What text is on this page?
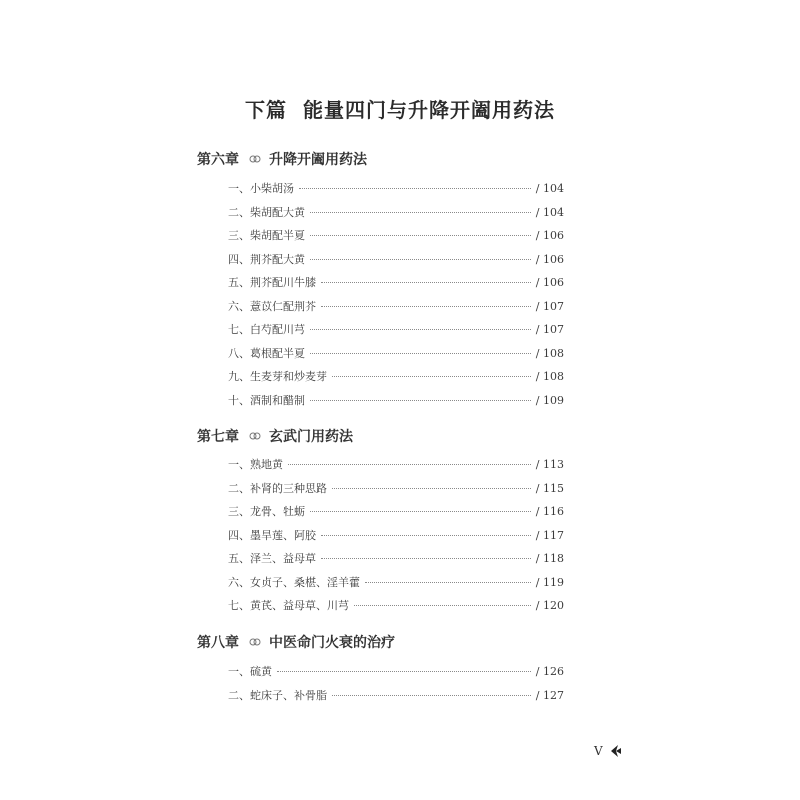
下篇 能量四门与升降开阖用药法
第六章 升降开阖用药法
一、小柴胡汤	/ 104
二、柴胡配大黄	/ 104
三、柴胡配半夏	/ 106
四、荆芥配大黄	/ 106
五、荆芥配川牛膝	/ 106
六、薏苡仁配荆芥	/ 107
七、白芍配川芎	/ 107
八、葛根配半夏	/ 108
九、生麦芽和炒麦芽	/ 108
十、酒制和醋制	/ 109
第七章 玄武门用药法
一、熟地黄	/ 113
二、补肾的三种思路	/ 115
三、龙骨、牡蛎	/ 116
四、墨旱莲、阿胶	/ 117
五、泽兰、益母草	/ 118
六、女贞子、桑椹、淫羊藿	/ 119
七、黄芪、益母草、川芎	/ 120
第八章 中医命门火衰的治疗
一、硫黄	/ 126
二、蛇床子、补骨脂	/ 127
V
